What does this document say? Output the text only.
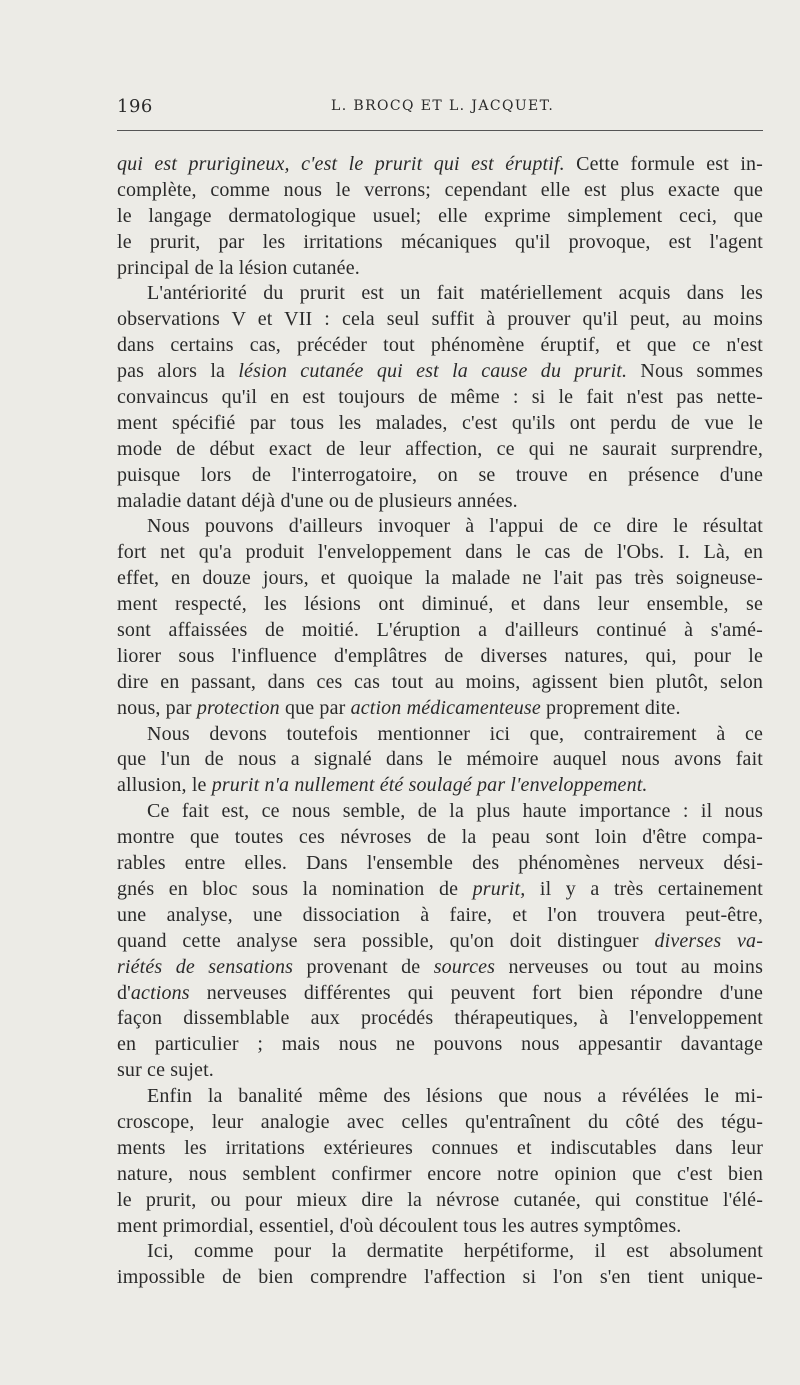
196	L. BROCQ ET L. JACQUET.
qui est prurigineux, c'est le prurit qui est éruptif. Cette formule est in-
complète, comme nous le verrons; cependant elle est plus exacte que
le langage dermatologique usuel; elle exprime simplement ceci, que
le prurit, par les irritations mécaniques qu'il provoque, est l'agent
principal de la lésion cutanée.
L'antériorité du prurit est un fait matériellement acquis dans les
observations V et VII : cela seul suffit à prouver qu'il peut, au moins
dans certains cas, précéder tout phénomène éruptif, et que ce n'est
pas alors la lésion cutanée qui est la cause du prurit. Nous sommes
convaincus qu'il en est toujours de même : si le fait n'est pas nette-
ment spécifié par tous les malades, c'est qu'ils ont perdu de vue le
mode de début exact de leur affection, ce qui ne saurait surprendre,
puisque lors de l'interrogatoire, on se trouve en présence d'une
maladie datant déjà d'une ou de plusieurs années.
Nous pouvons d'ailleurs invoquer à l'appui de ce dire le résultat
fort net qu'a produit l'enveloppement dans le cas de l'Obs. I. Là, en
effet, en douze jours, et quoique la malade ne l'ait pas très soigneuse-
ment respecté, les lésions ont diminué, et dans leur ensemble, se
sont affaissées de moitié. L'éruption a d'ailleurs continué à s'amé-
liorer sous l'influence d'emplâtres de diverses natures, qui, pour le
dire en passant, dans ces cas tout au moins, agissent bien plutôt, selon
nous, par protection que par action médicamenteuse proprement dite.
Nous devons toutefois mentionner ici que, contrairement à ce
que l'un de nous a signalé dans le mémoire auquel nous avons fait
allusion, le prurit n'a nullement été soulagé par l'enveloppement.
Ce fait est, ce nous semble, de la plus haute importance : il nous
montre que toutes ces névroses de la peau sont loin d'être compa-
rables entre elles. Dans l'ensemble des phénomènes nerveux dési-
gnés en bloc sous la nomination de prurit, il y a très certainement
une analyse, une dissociation à faire, et l'on trouvera peut-être,
quand cette analyse sera possible, qu'on doit distinguer diverses va-
riétés de sensations provenant de sources nerveuses ou tout au moins
d'actions nerveuses différentes qui peuvent fort bien répondre d'une
façon dissemblable aux procédés thérapeutiques, à l'enveloppement
en particulier ; mais nous ne pouvons nous appesantir davantage
sur ce sujet.
Enfin la banalité même des lésions que nous a révélées le mi-
croscope, leur analogie avec celles qu'entraînent du côté des tégu-
ments les irritations extérieures connues et indiscutables dans leur
nature, nous semblent confirmer encore notre opinion que c'est bien
le prurit, ou pour mieux dire la névrose cutanée, qui constitue l'élé-
ment primordial, essentiel, d'où découlent tous les autres symptômes.
Ici, comme pour la dermatite herpétiforme, il est absolument
impossible de bien comprendre l'affection si l'on s'en tient unique-
